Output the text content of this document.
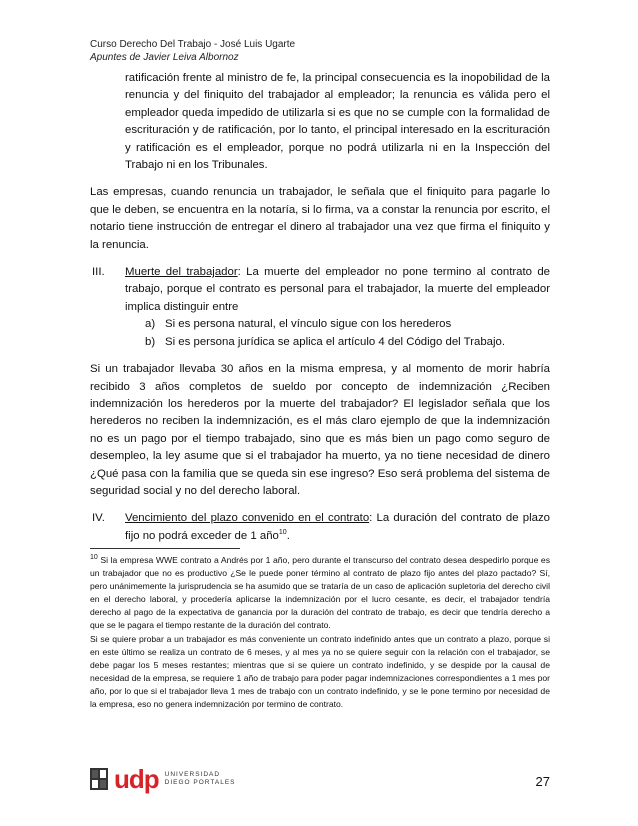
Curso Derecho Del Trabajo - José Luis Ugarte
Apuntes de Javier Leiva Albornoz

ratificación frente al ministro de fe, la principal consecuencia es la inopobilidad de la renuncia y del finiquito del trabajador al empleador; la renuncia es válida pero el empleador queda impedido de utilizarla si es que no se cumple con la formalidad de escrituración y de ratificación, por lo tanto, el principal interesado en la escrituración y ratificación es el empleador, porque no podrá utilizarla ni en la Inspección del Trabajo ni en los Tribunales.

Las empresas, cuando renuncia un trabajador, le señala que el finiquito para pagarle lo que le deben, se encuentra en la notaría, si lo firma, va a constar la renuncia por escrito, el notario tiene instrucción de entregar el dinero al trabajador una vez que firma el finiquito y la renuncia.

III.	Muerte del trabajador: La muerte del empleador no pone termino al contrato de trabajo, porque el contrato es personal para el trabajador, la muerte del empleador implica distinguir entre

a) Si es persona natural, el vínculo sigue con los herederos
b) Si es persona jurídica se aplica el artículo 4 del Código del Trabajo.

Si un trabajador llevaba 30 años en la misma empresa, y al momento de morir habría recibido 3 años completos de sueldo por concepto de indemnización ¿Reciben indemnización los herederos por la muerte del trabajador? El legislador señala que los herederos no reciben la indemnización, es el más claro ejemplo de que la indemnización no es un pago por el tiempo trabajado, sino que es más bien un pago como seguro de desempleo, la ley asume que si el trabajador ha muerto, ya no tiene necesidad de dinero ¿Qué pasa con la familia que se queda sin ese ingreso? Eso será problema del sistema de seguridad social y no del derecho laboral.

IV.	Vencimiento del plazo convenido en el contrato: La duración del contrato de plazo fijo no podrá exceder de 1 año$^{10}$.

$^{10}$ Si la empresa WWE contrato a Andrés por 1 año, pero durante el transcurso del contrato desea despedirlo porque es un trabajador que no es productivo ¿Se le puede poner término al contrato de plazo fijo antes del plazo pactado? Sí, pero unánimemente la jurisprudencia se ha asumido que se trataría de un caso de aplicación supletoria del derecho civil en el derecho laboral, y procedería aplicarse la indemnización por el lucro cesante, es decir, el trabajador tendría derecho al pago de la expectativa de ganancia por la duración del contrato de trabajo, es decir que tendría derecho a que se le pagara el tiempo restante de la duración del contrato.

Si se quiere probar a un trabajador es más conveniente un contrato indefinido antes que un contrato a plazo, porque si en este último se realiza un contrato de 6 meses, y al mes ya no se quiere seguir con la relación con el trabajador, se debe pagar los 5 meses restantes; mientras que si se quiere un contrato indefinido, y se despide por la causal de necesidad de la empresa, se requiere 1 año de trabajo para poder pagar indemnizaciones correspondientes a 1 mes por año, por lo que si el trabajador lleva 1 mes de trabajo con un contrato indefinido, y se le pone termino por necesidad de la empresa, eso no genera indemnización por termino de contrato.

udp UNIVERSIDAD
DIEGO PORTALES	27
